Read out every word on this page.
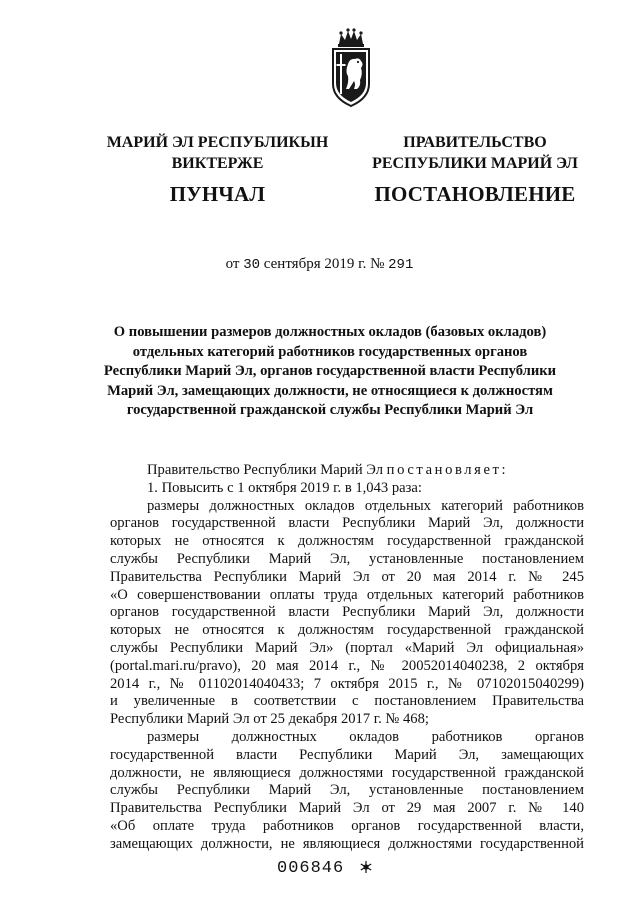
МАРИЙ ЭЛ РЕСПУБЛИКЫН
ВИКТЕРЖЕ
ПУНЧАЛ
ПРАВИТЕЛЬСТВО
РЕСПУБЛИКИ МАРИЙ ЭЛ
ПОСТАНОВЛЕНИЕ
от 30 сентября 2019 г. № 291
О повышении размеров должностных окладов (базовых окладов)
отдельных категорий работников государственных органов
Республики Марий Эл, органов государственной власти Республики
Марий Эл, замещающих должности, не относящиеся к должностям
государственной гражданской службы Республики Марий Эл
Правительство Республики Марий Эл постановляет:
1. Повысить с 1 октября 2019 г. в 1,043 раза:
размеры должностных окладов отдельных категорий работников
органов государственной власти Республики Марий Эл, должности
которых не относятся к должностям государственной гражданской
службы Республики Марий Эл, установленные постановлением
Правительства Республики Марий Эл от 20 мая 2014 г. № 245
«О совершенствовании оплаты труда отдельных категорий работников
органов государственной власти Республики Марий Эл, должности
которых не относятся к должностям государственной гражданской
службы Республики Марий Эл» (портал «Марий Эл официальная»
(portal.mari.ru/pravo), 20 мая 2014 г., № 20052014040238, 2 октября
2014 г., № 01102014040433; 7 октября 2015 г., № 07102015040299)
и увеличенные в соответствии с постановлением Правительства
Республики Марий Эл от 25 декабря 2017 г. № 468;
размеры должностных окладов работников органов
государственной власти Республики Марий Эл, замещающих
должности, не являющиеся должностями государственной гражданской
службы Республики Марий Эл, установленные постановлением
Правительства Республики Марий Эл от 29 мая 2007 г. № 140
«Об оплате труда работников органов государственной власти,
замещающих должности, не являющиеся должностями государственной
006846
